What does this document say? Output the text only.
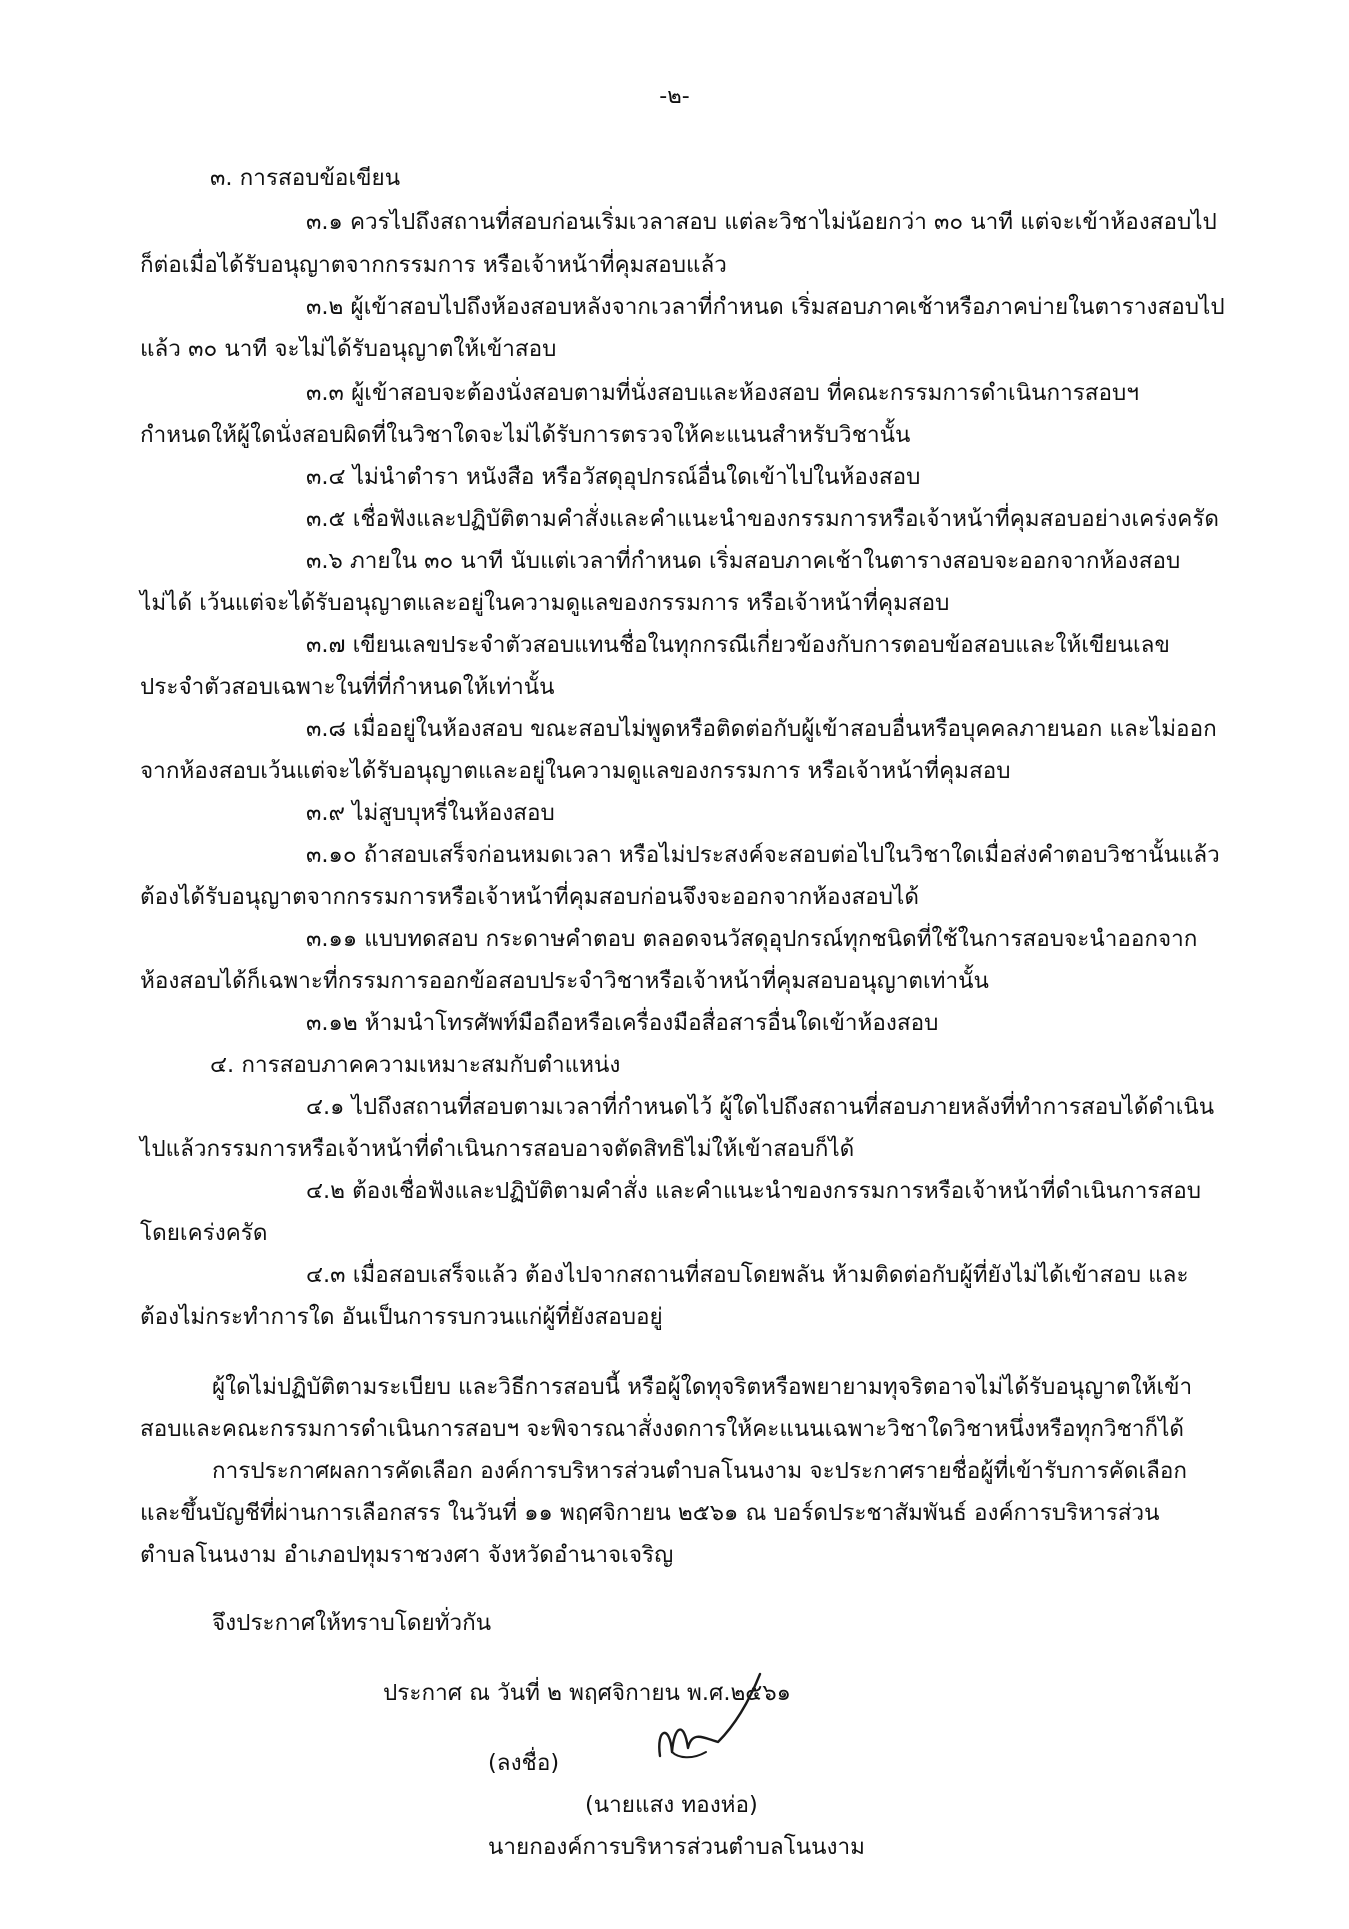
-๒-
๓. การสอบข้อเขียน
๓.๑ ควรไปถึงสถานที่สอบก่อนเริ่มเวลาสอบ แต่ละวิชาไม่น้อยกว่า ๓๐ นาที แต่จะเข้าห้องสอบไป
ก็ต่อเมื่อได้รับอนุญาตจากกรรมการ หรือเจ้าหน้าที่คุมสอบแล้ว
๓.๒ ผู้เข้าสอบไปถึงห้องสอบหลังจากเวลาที่กำหนด เริ่มสอบภาคเช้าหรือภาคบ่ายในตารางสอบไป
แล้ว ๓๐ นาที จะไม่ได้รับอนุญาตให้เข้าสอบ
๓.๓ ผู้เข้าสอบจะต้องนั่งสอบตามที่นั่งสอบและห้องสอบ ที่คณะกรรมการดำเนินการสอบฯ
กำหนดให้ผู้ใดนั่งสอบผิดที่ในวิชาใดจะไม่ได้รับการตรวจให้คะแนนสำหรับวิชานั้น
๓.๔ ไม่นำตำรา หนังสือ หรือวัสดุอุปกรณ์อื่นใดเข้าไปในห้องสอบ
๓.๕ เชื่อฟังและปฏิบัติตามคำสั่งและคำแนะนำของกรรมการหรือเจ้าหน้าที่คุมสอบอย่างเคร่งครัด
๓.๖ ภายใน ๓๐ นาที นับแต่เวลาที่กำหนด เริ่มสอบภาคเช้าในตารางสอบจะออกจากห้องสอบ
ไม่ได้ เว้นแต่จะได้รับอนุญาตและอยู่ในความดูแลของกรรมการ หรือเจ้าหน้าที่คุมสอบ
๓.๗ เขียนเลขประจำตัวสอบแทนชื่อในทุกกรณีเกี่ยวข้องกับการตอบข้อสอบและให้เขียนเลข
ประจำตัวสอบเฉพาะในที่ที่กำหนดให้เท่านั้น
๓.๘ เมื่ออยู่ในห้องสอบ ขณะสอบไม่พูดหรือติดต่อกับผู้เข้าสอบอื่นหรือบุคคลภายนอก และไม่ออก
จากห้องสอบเว้นแต่จะได้รับอนุญาตและอยู่ในความดูแลของกรรมการ หรือเจ้าหน้าที่คุมสอบ
๓.๙ ไม่สูบบุหรี่ในห้องสอบ
๓.๑๐ ถ้าสอบเสร็จก่อนหมดเวลา หรือไม่ประสงค์จะสอบต่อไปในวิชาใดเมื่อส่งคำตอบวิชานั้นแล้ว
ต้องได้รับอนุญาตจากกรรมการหรือเจ้าหน้าที่คุมสอบก่อนจึงจะออกจากห้องสอบได้
๓.๑๑ แบบทดสอบ กระดาษคำตอบ ตลอดจนวัสดุอุปกรณ์ทุกชนิดที่ใช้ในการสอบจะนำออกจาก
ห้องสอบได้ก็เฉพาะที่กรรมการออกข้อสอบประจำวิชาหรือเจ้าหน้าที่คุมสอบอนุญาตเท่านั้น
๓.๑๒ ห้ามนำโทรศัพท์มือถือหรือเครื่องมือสื่อสารอื่นใดเข้าห้องสอบ
๔. การสอบภาคความเหมาะสมกับตำแหน่ง
๔.๑ ไปถึงสถานที่สอบตามเวลาที่กำหนดไว้ ผู้ใดไปถึงสถานที่สอบภายหลังที่ทำการสอบได้ดำเนิน
ไปแล้วกรรมการหรือเจ้าหน้าที่ดำเนินการสอบอาจตัดสิทธิไม่ให้เข้าสอบก็ได้
๔.๒ ต้องเชื่อฟังและปฏิบัติตามคำสั่ง และคำแนะนำของกรรมการหรือเจ้าหน้าที่ดำเนินการสอบ
โดยเคร่งครัด
๔.๓ เมื่อสอบเสร็จแล้ว ต้องไปจากสถานที่สอบโดยพลัน ห้ามติดต่อกับผู้ที่ยังไม่ได้เข้าสอบ และ
ต้องไม่กระทำการใด อันเป็นการรบกวนแก่ผู้ที่ยังสอบอยู่
ผู้ใดไม่ปฏิบัติตามระเบียบ และวิธีการสอบนี้ หรือผู้ใดทุจริตหรือพยายามทุจริตอาจไม่ได้รับอนุญาตให้เข้า
สอบและคณะกรรมการดำเนินการสอบฯ จะพิจารณาสั่งงดการให้คะแนนเฉพาะวิชาใดวิชาหนึ่งหรือทุกวิชาก็ได้
การประกาศผลการคัดเลือก องค์การบริหารส่วนตำบลโนนงาม จะประกาศรายชื่อผู้ที่เข้ารับการคัดเลือก
และขึ้นบัญชีที่ผ่านการเลือกสรร ในวันที่ ๑๑ พฤศจิกายน ๒๕๖๑ ณ บอร์ดประชาสัมพันธ์ องค์การบริหารส่วน
ตำบลโนนงาม อำเภอปทุมราชวงศา จังหวัดอำนาจเจริญ
จึงประกาศให้ทราบโดยทั่วกัน
ประกาศ ณ วันที่ ๒ พฤศจิกายน พ.ศ.๒๕๖๑
(ลงชื่อ)
(นายแสง ทองห่อ)
นายกองค์การบริหารส่วนตำบลโนนงาม
